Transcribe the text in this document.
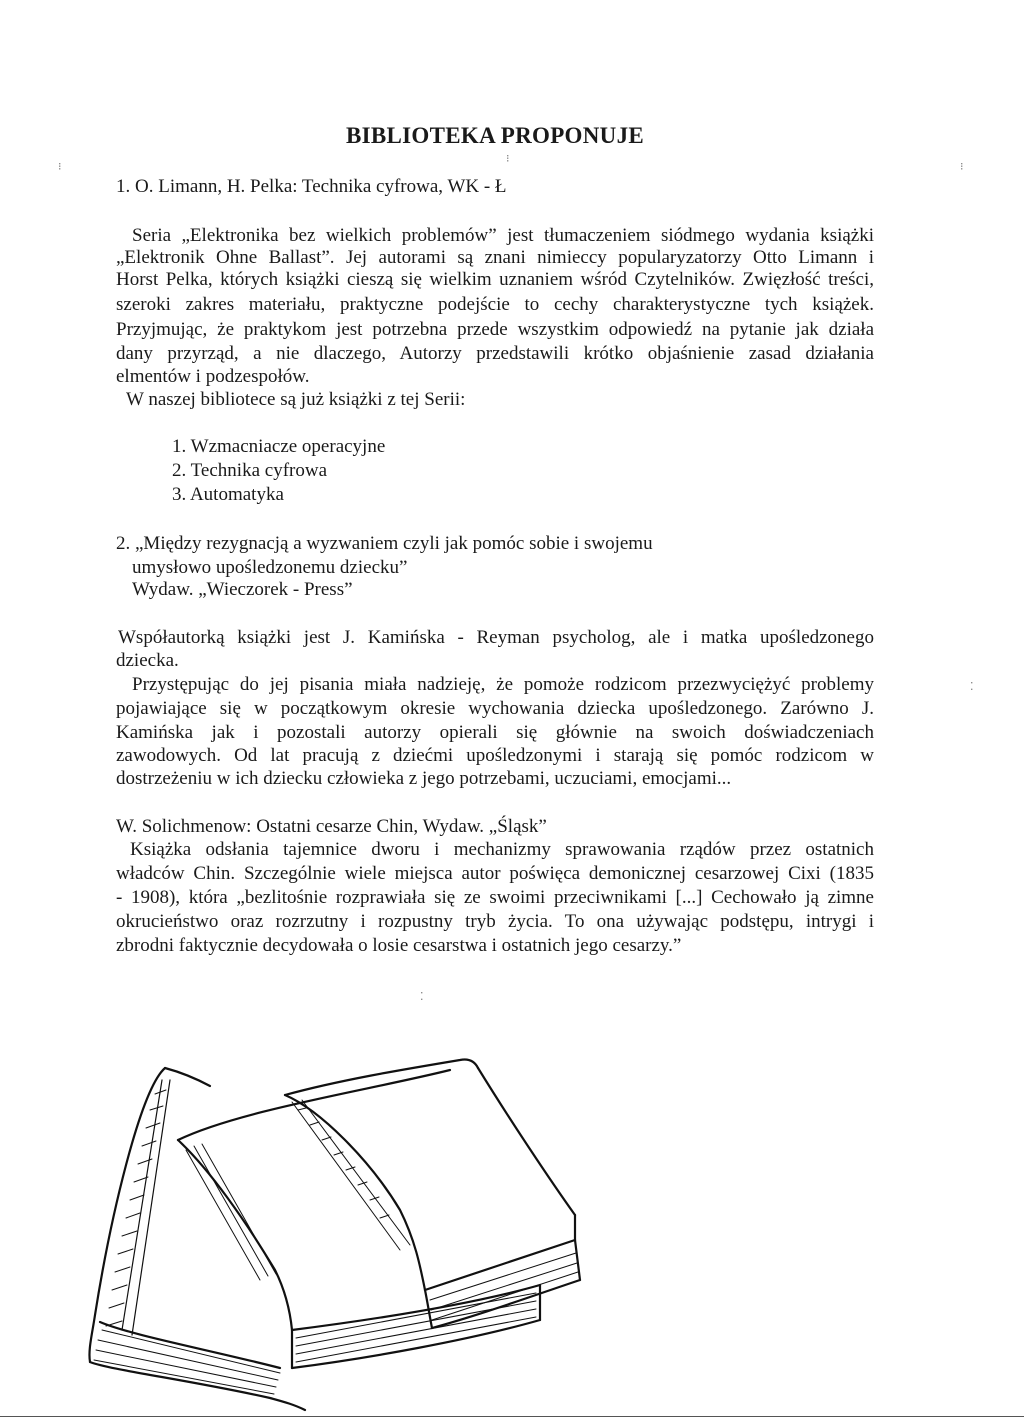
BIBLIOTEKA PROPONUJE
1. O. Limann, H. Pelka: Technika cyfrowa, WK - Ł
Seria „Elektronika bez wielkich problemów” jest tłumaczeniem siódmego wydania książki
„Elektronik Ohne Ballast”. Jej autorami są znani nimieccy popularyzatorzy Otto Limann i
Horst Pelka, których książki cieszą się wielkim uznaniem wśród Czytelników. Zwięzłość treści,
szeroki zakres materiału, praktyczne podejście to cechy charakterystyczne tych książek.
Przyjmując, że praktykom jest potrzebna przede wszystkim odpowiedź na pytanie jak działa
dany przyrząd, a nie dlaczego, Autorzy przedstawili krótko objaśnienie zasad działania
elmentów i podzespołów.
W naszej bibliotece są już książki z tej Serii:
1. Wzmacniacze operacyjne
2. Technika cyfrowa
3. Automatyka
2. „Między rezygnacją a wyzwaniem czyli jak pomóc sobie i swojemu
umysłowo upośledzonemu dziecku”
Wydaw. „Wieczorek - Press”
Współautorką książki jest J. Kamińska - Reyman psycholog, ale i matka upośledzonego
dziecka.
Przystępując do jej pisania miała nadzieję, że pomoże rodzicom przezwyciężyć problemy
pojawiające się w początkowym okresie wychowania dziecka upośledzonego. Zarówno J.
Kamińska jak i pozostali autorzy opierali się głównie na swoich doświadczeniach
zawodowych. Od lat pracują z dziećmi upośledzonymi i starają się pomóc rodzicom w
dostrzeżeniu w ich dziecku człowieka z jego potrzebami, uczuciami, emocjami...
W. Solichmenow: Ostatni cesarze Chin, Wydaw. „Śląsk”
Książka odsłania tajemnice dworu i mechanizmy sprawowania rządów przez ostatnich
władców Chin. Szczególnie wiele miejsca autor poświęca demonicznej cesarzowej Cixi (1835
- 1908), która „bezlitośnie rozprawiała się ze swoimi przeciwnikami [...] Cechowało ją zimne
okrucieństwo oraz rozrzutny i rozpustny tryb życia. To ona używając podstępu, intrygi i
zbrodni faktycznie decydowała o losie cesarstwa i ostatnich jego cesarzy.”
⁝
⁝
⁝
⁚
⁚
